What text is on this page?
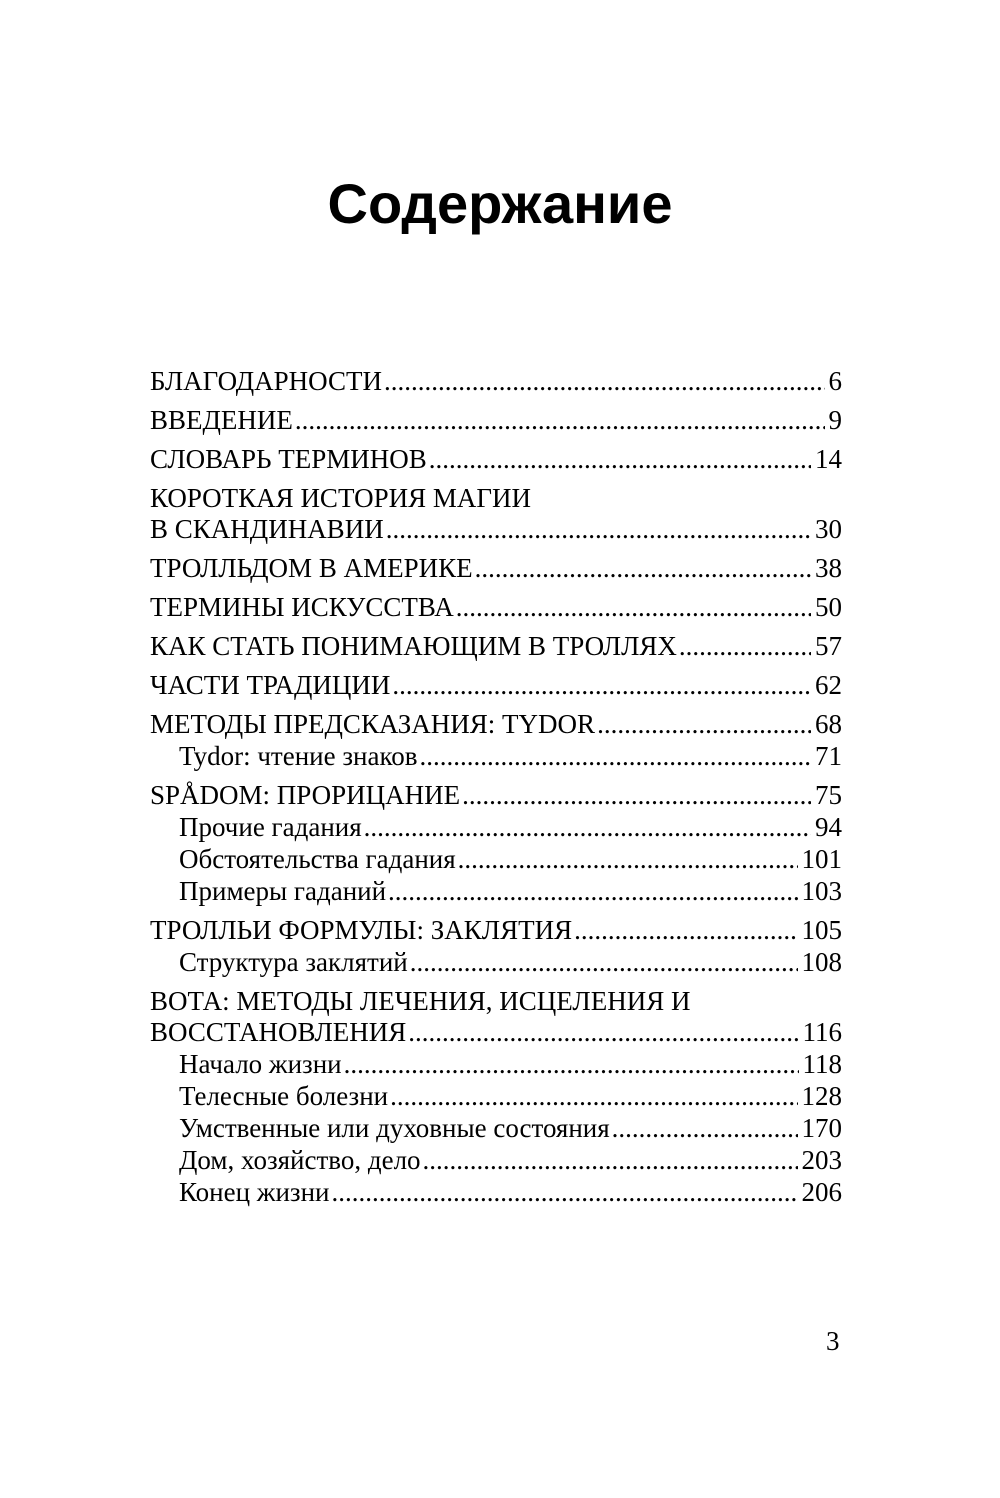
Содержание
БЛАГОДАРНОСТИ .....	6
ВВЕДЕНИЕ .....	9
СЛОВАРЬ ТЕРМИНОВ .....	14
КОРОТКАЯ ИСТОРИЯ МАГИИ
В СКАНДИНАВИИ .....	30
ТРОЛЛЬДОМ В АМЕРИКЕ .....	38
ТЕРМИНЫ ИСКУССТВА .....	50
КАК СТАТЬ ПОНИМАЮЩИМ В ТРОЛЛЯХ .....	57
ЧАСТИ ТРАДИЦИИ .....	62
МЕТОДЫ ПРЕДСКАЗАНИЯ: TYDOR .....	68
Tydor: чтение знаков .....	71
SPÅDOM: ПРОРИЦАНИЕ .....	75
Прочие гадания .....	94
Обстоятельства гадания .....	101
Примеры гаданий .....	103
ТРОЛЛЬИ ФОРМУЛЫ: ЗАКЛЯТИЯ .....	105
Структура заклятий .....	108
ВОТА: МЕТОДЫ ЛЕЧЕНИЯ, ИСЦЕЛЕНИЯ И
ВОССТАНОВЛЕНИЯ .....	116
Начало жизни .....	118
Телесные болезни .....	128
Умственные или духовные состояния .....	170
Дом, хозяйство, дело .....	203
Конец жизни .....	206
3
